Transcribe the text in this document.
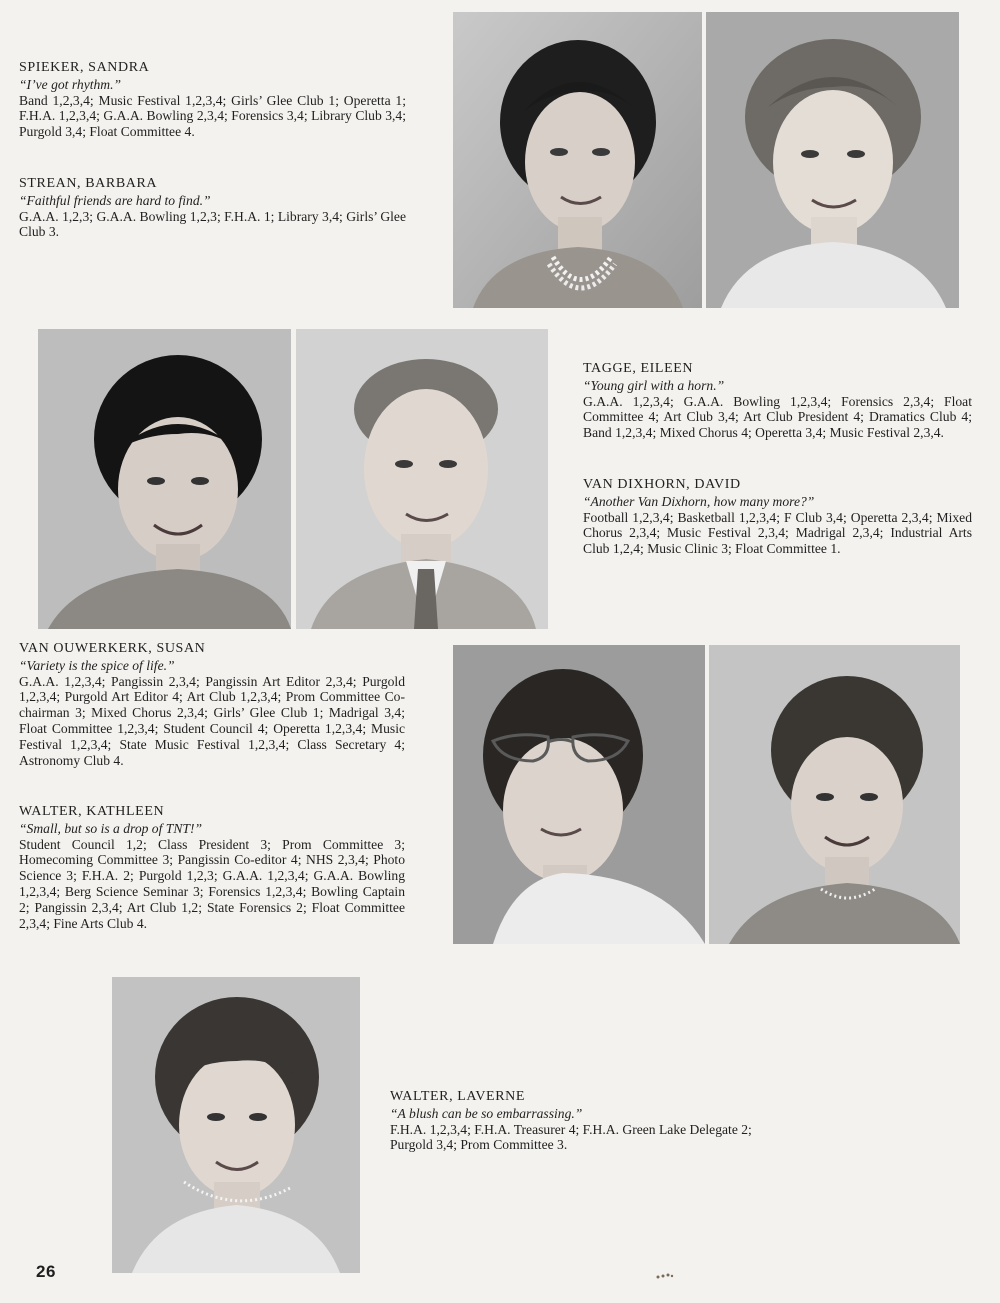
SPIEKER, SANDRA
“I’ve got rhythm.”
Band 1,2,3,4; Music Festival 1,2,3,4; Girls’ Glee Club 1; Operetta 1; F.H.A. 1,2,3,4; G.A.A. Bowling 2,3,4; Forensics 3,4; Library Club 3,4; Purgold 3,4; Float Committee 4.
STREAN, BARBARA
“Faithful friends are hard to find.”
G.A.A. 1,2,3; G.A.A. Bowling 1,2,3; F.H.A. 1; Library 3,4; Girls’ Glee Club 3.
TAGGE, EILEEN
“Young girl with a horn.”
G.A.A. 1,2,3,4; G.A.A. Bowling 1,2,3,4; Forensics 2,3,4; Float Committee 4; Art Club 3,4; Art Club President 4; Dramatics Club 4; Band 1,2,3,4; Mixed Chorus 4; Operetta 3,4; Music Festival 2,3,4.
VAN DIXHORN, DAVID
“Another Van Dixhorn, how many more?”
Football 1,2,3,4; Basketball 1,2,3,4; F Club 3,4; Operetta 2,3,4; Mixed Chorus 2,3,4; Music Festival 2,3,4; Madrigal 2,3,4; Industrial Arts Club 1,2,4; Music Clinic 3; Float Committee 1.
VAN OUWERKERK, SUSAN
“Variety is the spice of life.”
G.A.A. 1,2,3,4; Pangissin 2,3,4; Pangissin Art Editor 2,3,4; Purgold 1,2,3,4; Purgold Art Editor 4; Art Club 1,2,3,4; Prom Committee Co-chairman 3; Mixed Chorus 2,3,4; Girls’ Glee Club 1; Madrigal 3,4; Float Committee 1,2,3,4; Student Council 4; Operetta 1,2,3,4; Music Festival 1,2,3,4; State Music Festival 1,2,3,4; Class Secretary 4; Astronomy Club 4.
WALTER, KATHLEEN
“Small, but so is a drop of TNT!”
Student Council 1,2; Class President 3; Prom Committee 3; Homecoming Committee 3; Pangissin Co-editor 4; NHS 2,3,4; Photo Science 3; F.H.A. 2; Purgold 1,2,3; G.A.A. 1,2,3,4; G.A.A. Bowling 1,2,3,4; Berg Science Seminar 3; Forensics 1,2,3,4; Bowling Captain 2; Pangissin 2,3,4; Art Club 1,2; State Forensics 2; Float Committee 2,3,4; Fine Arts Club 4.
WALTER, LAVERNE
“A blush can be so embarrassing.”
F.H.A. 1,2,3,4; F.H.A. Treasurer 4; F.H.A. Green Lake Delegate 2; Purgold 3,4; Prom Committee 3.
26
